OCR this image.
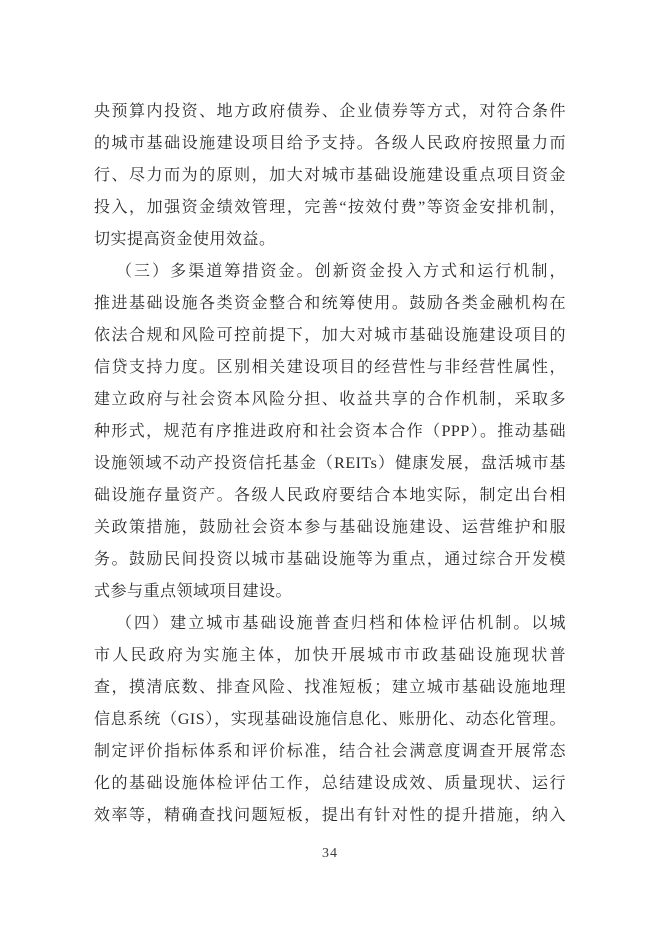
央预算内投资、地方政府债券、企业债券等方式，对符合条件
的城市基础设施建设项目给予支持。各级人民政府按照量力而
行、尽力而为的原则，加大对城市基础设施建设重点项目资金
投入，加强资金绩效管理，完善“按效付费”等资金安排机制，
切实提高资金使用效益。
（三）多渠道筹措资金。创新资金投入方式和运行机制，
推进基础设施各类资金整合和统筹使用。鼓励各类金融机构在
依法合规和风险可控前提下，加大对城市基础设施建设项目的
信贷支持力度。区别相关建设项目的经营性与非经营性属性，
建立政府与社会资本风险分担、收益共享的合作机制，采取多
种形式，规范有序推进政府和社会资本合作（PPP）。推动基础
设施领域不动产投资信托基金（REITs）健康发展，盘活城市基
础设施存量资产。各级人民政府要结合本地实际，制定出台相
关政策措施，鼓励社会资本参与基础设施建设、运营维护和服
务。鼓励民间投资以城市基础设施等为重点，通过综合开发模
式参与重点领域项目建设。
（四）建立城市基础设施普查归档和体检评估机制。以城
市人民政府为实施主体，加快开展城市市政基础设施现状普
查，摸清底数、排查风险、找准短板；建立城市基础设施地理
信息系统（GIS），实现基础设施信息化、账册化、动态化管理。
制定评价指标体系和评价标准，结合社会满意度调查开展常态
化的基础设施体检评估工作，总结建设成效、质量现状、运行
效率等，精确查找问题短板，提出有针对性的提升措施，纳入
34
